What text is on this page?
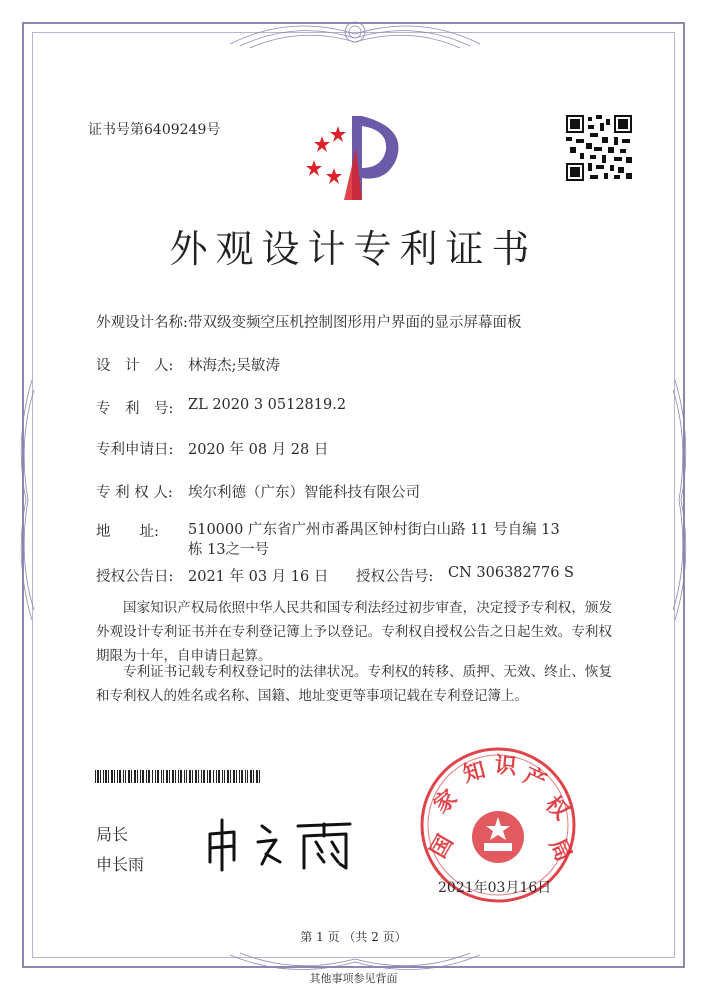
证书号第6409249号
外观设计专利证书
外观设计名称: 带双级变频空压机控制图形用户界面的显示屏幕面板
设　计　人:	林海杰;吴敏涛
专　利　号:	ZL 2020 3 0512819.2
专利申请日:	2020 年 08 月 28 日
专 利 权 人:	埃尔利德（广东）智能科技有限公司
地　　址:	510000 广东省广州市番禺区钟村街白山路 11 号自编 13 栋 13之一号
授权公告日:	2021 年 03 月 16 日 授权公告号:	CN 306382776 S
国家知识产权局依照中华人民共和国专利法经过初步审查，决定授予专利权，颁发外观设计专利证书并在专利登记簿上予以登记。专利权自授权公告之日起生效。专利权期限为十年，自申请日起算。
专利证书记载专利权登记时的法律状况。专利权的转移、质押、无效、终止、恢复和专利权人的姓名或名称、国籍、地址变更等事项记载在专利登记簿上。
局长
申长雨
国
家
知 识 产
权
局
2021年03月16日
第 1 页 （共 2 页）
其他事项参见背面
